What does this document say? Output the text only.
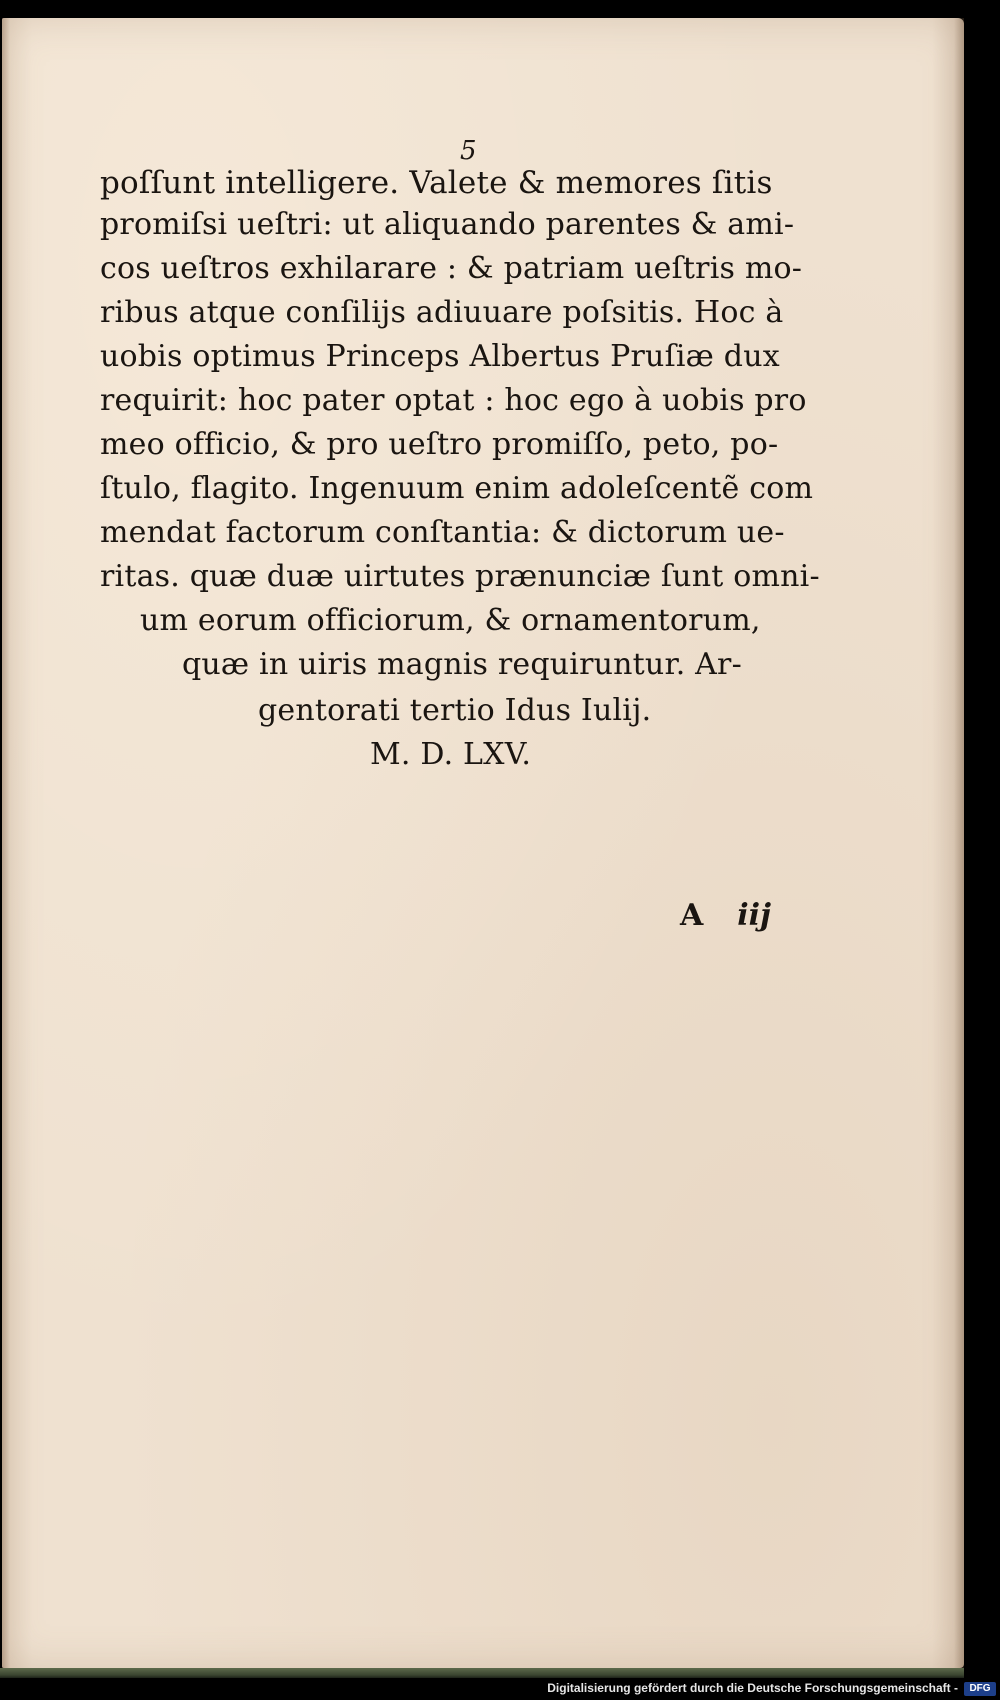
5
poſſunt intelligere. Valete & memores ſitis
promiſsi ueſtri: ut aliquando parentes & ami-
cos ueſtros exhilarare : & patriam ueſtris mo-
ribus atque conſilijs adiuuare poſsitis. Hoc à
uobis optimus Princeps Albertus Pruſiæ dux
requirit: hoc pater optat : hoc ego à uobis pro
meo officio, & pro ueſtro promiſſo, peto, po-
ſtulo, flagito. Ingenuum enim adoleſcentẽ com
mendat factorum conſtantia: & dictorum ue-
ritas. quæ duæ uirtutes prænunciæ ſunt omni-
um eorum officiorum, & ornamentorum,
quæ in uiris magnis requiruntur. Ar-
gentorati tertio Idus Iulij.
M. D. LXV.
A iij
Digitalisierung gefördert durch die Deutsche Forschungsgemeinschaft -	DFG
